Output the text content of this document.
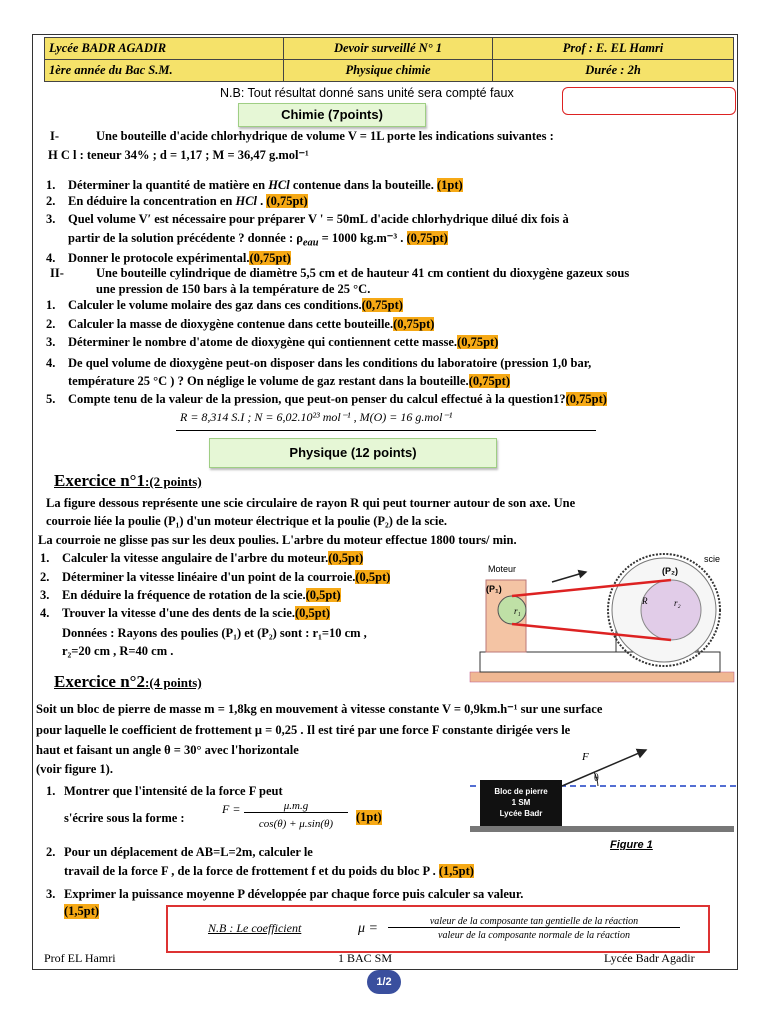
Lycée BADR AGADIR	Devoir surveillé N° 1	Prof : E. EL Hamri
1ère année du Bac S.M.	Physique chimie	Durée : 2h
N.B: Tout résultat donné sans unité sera compté faux
Chimie (7points)
I-	Une bouteille d'acide chlorhydrique de volume V = 1L porte les indications suivantes :
H C l : teneur 34% ; d = 1,17 ; M = 36,47 g.mol⁻¹
1. Déterminer la quantité de matière en HCl contenue dans la bouteille. (1pt)
2. En déduire la concentration en HCl . (0,75pt)
3. Quel volume V′ est nécessaire pour préparer V ' = 50mL d'acide chlorhydrique dilué dix fois à
partir de la solution précédente ? donnée : $\rho_{eau} = 1000$ kg.m⁻³ . (0,75pt)
4. Donner le protocole expérimental.(0,75pt)
II-	Une bouteille cylindrique de diamètre 5,5 cm et de hauteur 41 cm contient du dioxygène gazeux sous
une pression de 150 bars à la température de 25 °C.
1. Calculer le volume molaire des gaz dans ces conditions.(0,75pt)
2. Calculer la masse de dioxygène contenue dans cette bouteille.(0,75pt)
3. Déterminer le nombre d'atome de dioxygène qui contiennent cette masse.(0,75pt)
4. De quel volume de dioxygène peut-on disposer dans les conditions du laboratoire (pression 1,0 bar,
température 25 °C ) ? On néglige le volume de gaz restant dans la bouteille.(0,75pt)
5. Compte tenu de la valeur de la pression, que peut-on penser du calcul effectué à la question1?(0,75pt)
R = 8,314 S.I ; N = 6,02.10²³ mol⁻¹ , M(O) = 16 g.mol⁻¹
Physique (12 points)
Exercice n°1:(2 points)
La figure dessous représente une scie circulaire de rayon R qui peut tourner autour de son axe. Une
courroie liée la poulie (P₁) d'un moteur électrique et la poulie (P₂) de la scie.
La courroie ne glisse pas sur les deux poulies. L'arbre du moteur effectue 1800 tours/ min.
1. Calculer la vitesse angulaire de l'arbre du moteur.(0,5pt)
2. Déterminer la vitesse linéaire d'un point de la courroie.(0,5pt)
3. En déduire la fréquence de rotation de la scie.(0,5pt)
4. Trouver la vitesse d'une des dents de la scie.(0,5pt)
Données : Rayons des poulies (P₁) et (P₂) sont : r₁=10 cm ,
r₂=20 cm , R=40 cm .
Moteur
(P₁)
r₁
(P₂)
scie
R	r₂
Exercice n°2:(4 points)
Soit un bloc de pierre de masse m = 1,8kg en mouvement à vitesse constante V = 0,9km.h⁻¹ sur une surface
pour laquelle le coefficient de frottement μ = 0,25 . Il est tiré par une force F constante dirigée vers le
haut et faisant un angle θ = 30° avec l'horizontale
(voir figure 1).
1. Montrer que l'intensité de la force F peut
s'écrire sous la forme :
F =	μ.m.g
cos(θ) + μ.sin(θ)	(1pt)
2. Pour un déplacement de AB=L=2m, calculer le
travail de la force F , de la force de frottement f et du poids du bloc P . (1,5pt)
3. Exprimer la puissance moyenne P développée par chaque force puis calculer sa valeur.
(1,5pt)
Bloc de pierre
1 SM
Lycée Badr
θ
F
Figure 1
N.B : Le coefficient	μ =	valeur de la composante tan gentielle de la réaction
valeur de la composante normale de la réaction
Prof EL Hamri	1 BAC SM	Lycée Badr Agadir
1/2
